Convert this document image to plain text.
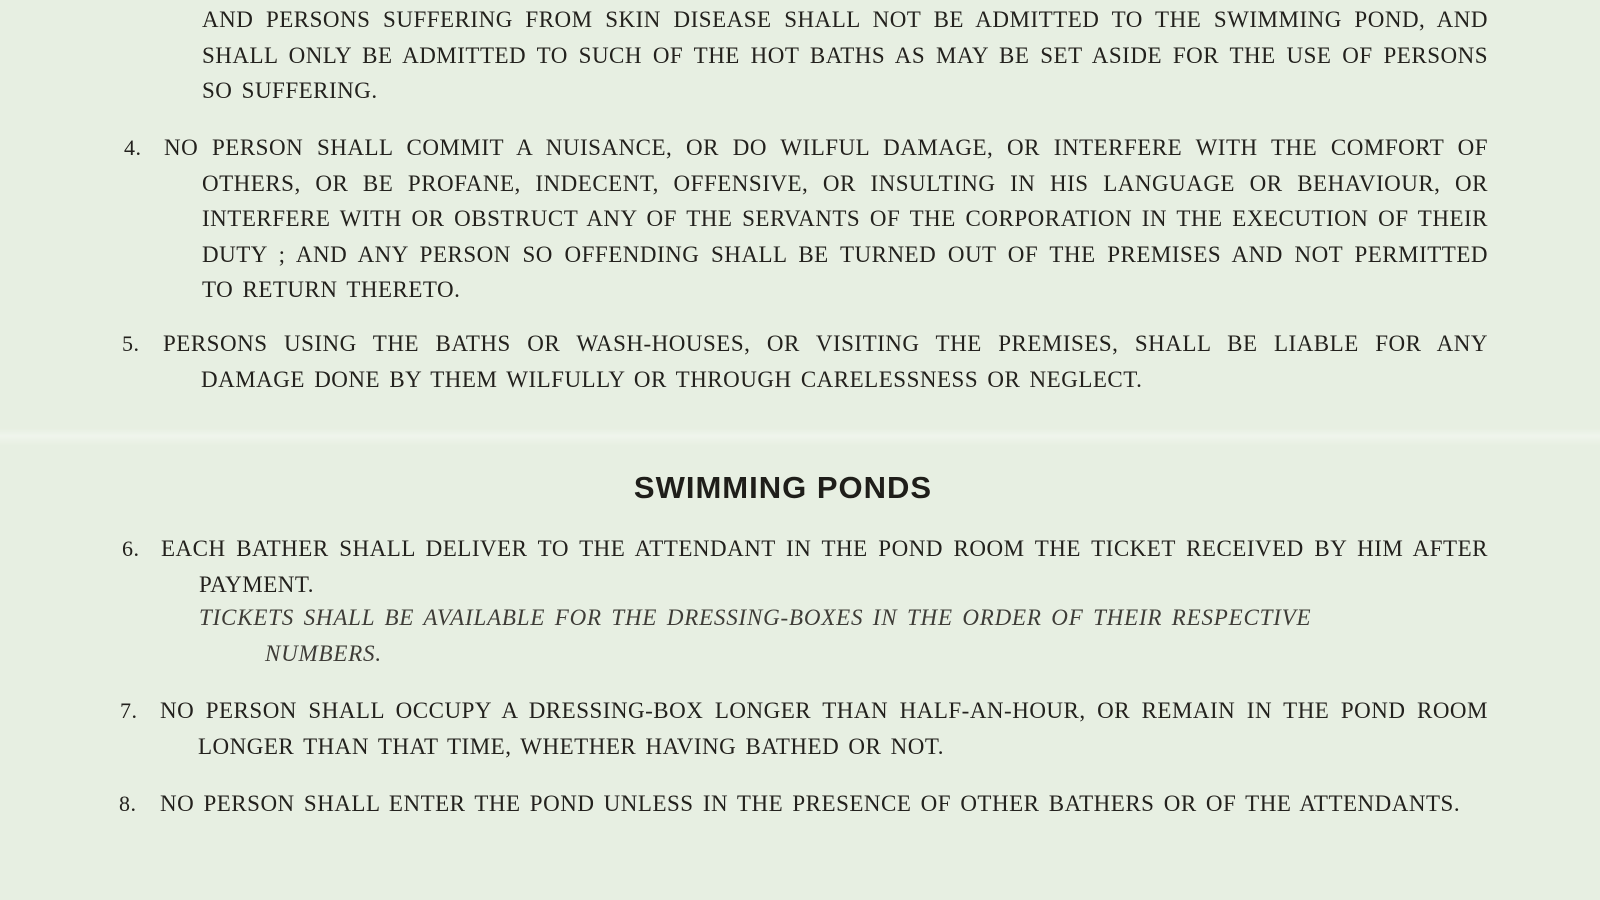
AND PERSONS SUFFERING FROM SKIN DISEASE SHALL NOT BE ADMITTED TO THE SWIMMING POND, AND SHALL ONLY BE ADMITTED TO SUCH OF THE HOT BATHS AS MAY BE SET ASIDE FOR THE USE OF PERSONS SO SUFFERING.
4. NO PERSON SHALL COMMIT A NUISANCE, OR DO WILFUL DAMAGE, OR INTERFERE WITH THE COMFORT OF OTHERS, OR BE PROFANE, INDECENT, OFFENSIVE, OR INSULTING IN HIS LANGUAGE OR BEHAVIOUR, OR INTERFERE WITH OR OBSTRUCT ANY OF THE SERVANTS OF THE CORPORATION IN THE EXECUTION OF THEIR DUTY ; AND ANY PERSON SO OFFENDING SHALL BE TURNED OUT OF THE PREMISES AND NOT PERMITTED TO RETURN THERETO.
5.	PERSONS USING THE BATHS OR WASH-HOUSES, OR VISITING THE PREMISES, SHALL BE LIABLE FOR ANY DAMAGE DONE BY THEM WILFULLY OR THROUGH CARELESSNESS OR NEGLECT.
SWIMMING PONDS
6. EACH BATHER SHALL DELIVER TO THE ATTENDANT IN THE POND ROOM THE TICKET RECEIVED BY HIM AFTER PAYMENT.
TICKETS SHALL BE AVAILABLE FOR THE DRESSING-BOXES IN THE ORDER OF THEIR RESPECTIVE
NUMBERS.
7. NO PERSON SHALL OCCUPY A DRESSING-BOX LONGER THAN HALF-AN-HOUR, OR REMAIN IN THE POND ROOM LONGER THAN THAT TIME, WHETHER HAVING BATHED OR NOT.
8.	NO PERSON SHALL ENTER THE POND UNLESS IN THE PRESENCE OF OTHER BATHERS OR OF THE ATTENDANTS.
